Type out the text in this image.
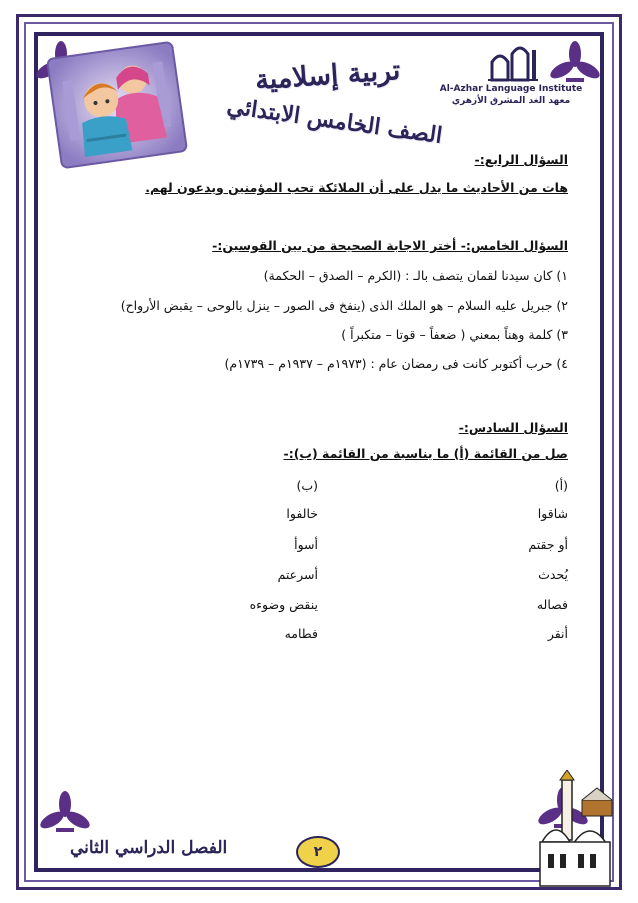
تربية إسلامية
الصف الخامس الابتدائي
Al-Azhar Language Institute
معهد الغد المشرق الأزهري
السؤال الرابع:-
هات من الأحاديث ما يدل على أن الملائكة تحب المؤمنين ويدعون لهم.
السؤال الخامس:- أختر الاجابة الصحيحة من بين القوسين:-
١) كان سيدنا لقمان يتصف بالـ : (الكرم – الصدق – الحكمة)
٢) جبريل عليه السلام – هو الملك الذى (ينفخ فى الصور – ينزل بالوحى – يقبض الأرواح)
٣) كلمة وهناً بمعني ( ضعفاً – قوتا – متكبراً )
٤) حرب أكتوبر كانت فى رمضان عام : (١٩٧٣م – ١٩٣٧م – ١٧٣٩م)
السؤال السادس:-
صل من القائمة (أ) ما يناسبة من القائمة (ب):-
(أ)
(ب)
شاقوا
خالفوا
أو جقتم
أسوأ
يُحدث
أسرعتم
فصاله
ينقض وضوءه
أنقر
فطامه
الفصل الدراسي الثاني	٢
